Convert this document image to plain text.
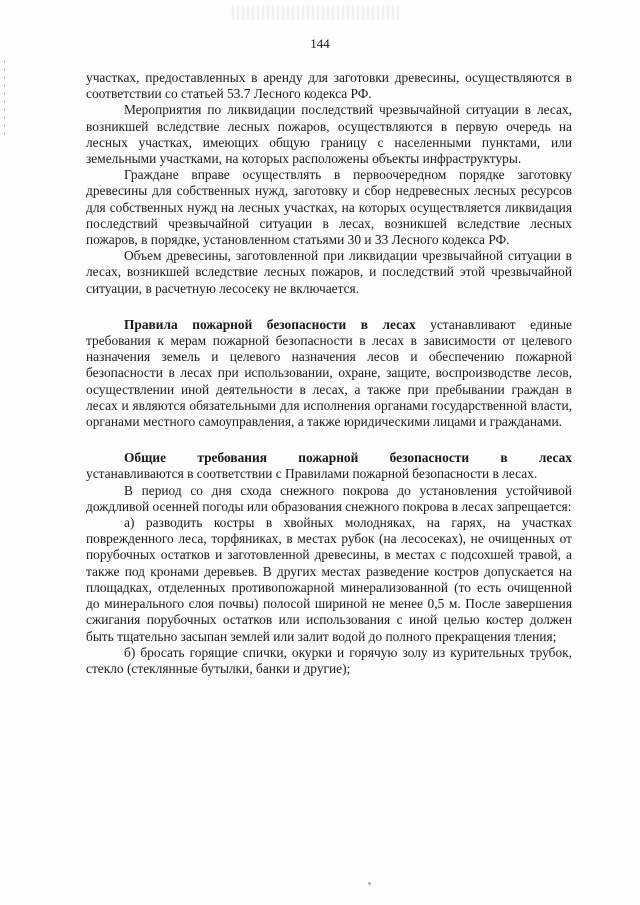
144

участках, предоставленных в аренду для заготовки древесины, осуществляются в соответствии со статьей 53.7 Лесного кодекса РФ.

Мероприятия по ликвидации последствий чрезвычайной ситуации в лесах, возникшей вследствие лесных пожаров, осуществляются в первую очередь на лесных участках, имеющих общую границу с населенными пунктами, или земельными участками, на которых расположены объекты инфраструктуры.

Граждане вправе осуществлять в первоочередном порядке заготовку древесины для собственных нужд, заготовку и сбор недревесных лесных ресурсов для собственных нужд на лесных участках, на которых осуществляется ликвидация последствий чрезвычайной ситуации в лесах, возникшей вследствие лесных пожаров, в порядке, установленном статьями 30 и 33 Лесного кодекса РФ.

Объем древесины, заготовленной при ликвидации чрезвычайной ситуации в лесах, возникшей вследствие лесных пожаров, и последствий этой чрезвычайной ситуации, в расчетную лесосеку не включается.

Правила пожарной безопасности в лесах устанавливают единые требования к мерам пожарной безопасности в лесах в зависимости от целевого назначения земель и целевого назначения лесов и обеспечению пожарной безопасности в лесах при использовании, охране, защите, воспроизводстве лесов, осуществлении иной деятельности в лесах, а также при пребывании граждан в лесах и являются обязательными для исполнения органами государственной власти, органами местного самоуправления, а также юридическими лицами и гражданами.

Общие требования пожарной безопасности в лесах
устанавливаются в соответствии с Правилами пожарной безопасности в лесах.

В период со дня схода снежного покрова до установления устойчивой дождливой осенней погоды или образования снежного покрова в лесах запрещается:

а) разводить костры в хвойных молодняках, на гарях, на участках поврежденного леса, торфяниках, в местах рубок (на лесосеках), не очищенных от порубочных остатков и заготовленной древесины, в местах с подсохшей травой, а также под кронами деревьев. В других местах разведение костров допускается на площадках, отделенных противопожарной минерализованной (то есть очищенной до минерального слоя почвы) полосой шириной не менее 0,5 м. После завершения сжигания порубочных остатков или использования с иной целью костер должен быть тщательно засыпан землей или залит водой до полного прекращения тления;

б) бросать горящие спички, окурки и горячую золу из курительных трубок, стекло (стеклянные бутылки, банки и другие);
